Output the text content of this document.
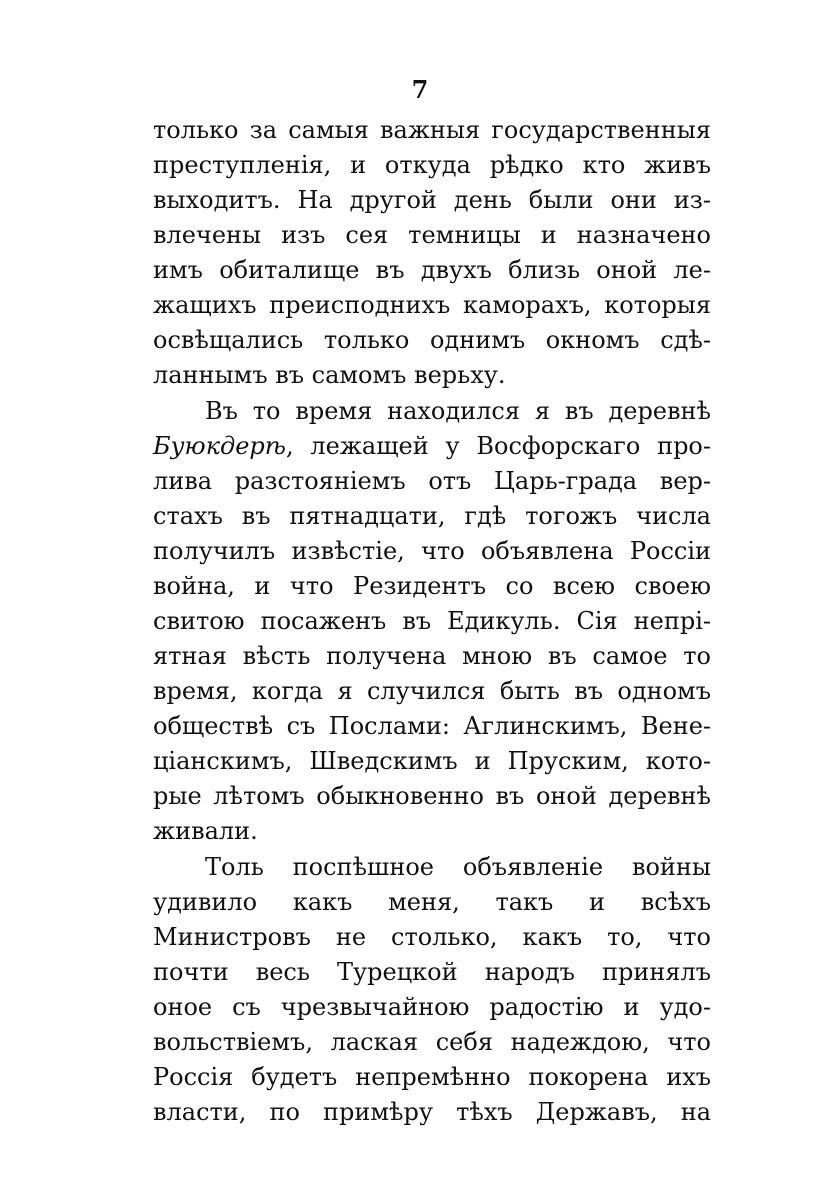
7
только за самыя важныя государственныя
преступленія, и откуда рѣдко кто живъ
выходитъ. На другой день были они из-
влечены изъ сея темницы и назначено
имъ обиталище въ двухъ близь оной ле-
жащихъ преисподнихъ каморахъ, которыя
освѣщались только однимъ окномъ сдѣ-
ланнымъ въ самомъ верьху.
Въ то время находился я въ деревнѣ
Буюкдерѣ, лежащей у Восфорскаго про-
лива разстояніемъ отъ Царь-града вер-
стахъ въ пятнадцати, гдѣ тогожъ числа
получилъ извѣстіе, что объявлена Россіи
война, и что Резидентъ со всею своею
свитою посаженъ въ Едикуль. Сія непрі-
ятная вѣсть получена мною въ самое то
время, когда я случился быть въ одномъ
обществѣ съ Послами: Аглинскимъ, Вене-
ціанскимъ, Шведскимъ и Пруским, кото-
рые лѣтомъ обыкновенно въ оной деревнѣ
живали.
Толь поспѣшное объявленіе войны
удивило какъ меня, такъ и всѣхъ
Министровъ не столько, какъ то, что
почти весь Турецкой народъ принялъ
оное съ чрезвычайною радостію и удо-
вольствіемъ, лаская себя надеждою, что
Россія будетъ непремѣнно покорена ихъ
власти, по примѣру тѣхъ Державъ, на
